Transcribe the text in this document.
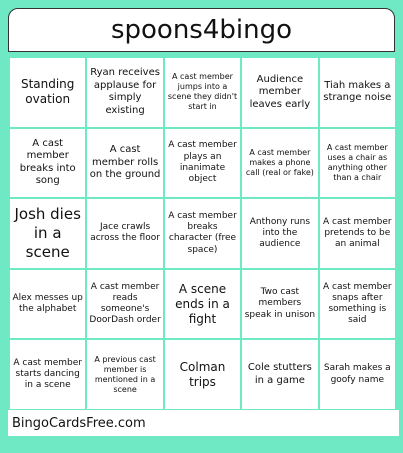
spoons4bingo
Standing ovation
Ryan receives applause for simply existing
A cast member jumps into a scene they didn't start in
Audience member leaves early
Tiah makes a strange noise
A cast member breaks into song
A cast member rolls on the ground
A cast member plays an inanimate object
A cast member makes a phone call (real or fake)
A cast member uses a chair as anything other than a chair
Josh dies in a scene
Jace crawls across the floor
A cast member breaks character (free space)
Anthony runs into the audience
A cast member pretends to be an animal
Alex messes up the alphabet
A cast member reads someone's DoorDash order
A scene ends in a fight
Two cast members speak in unison
A cast member snaps after something is said
A cast member starts dancing in a scene
A previous cast member is mentioned in a scene
Colman trips
Cole stutters in a game
Sarah makes a goofy name
BingoCardsFree.com
